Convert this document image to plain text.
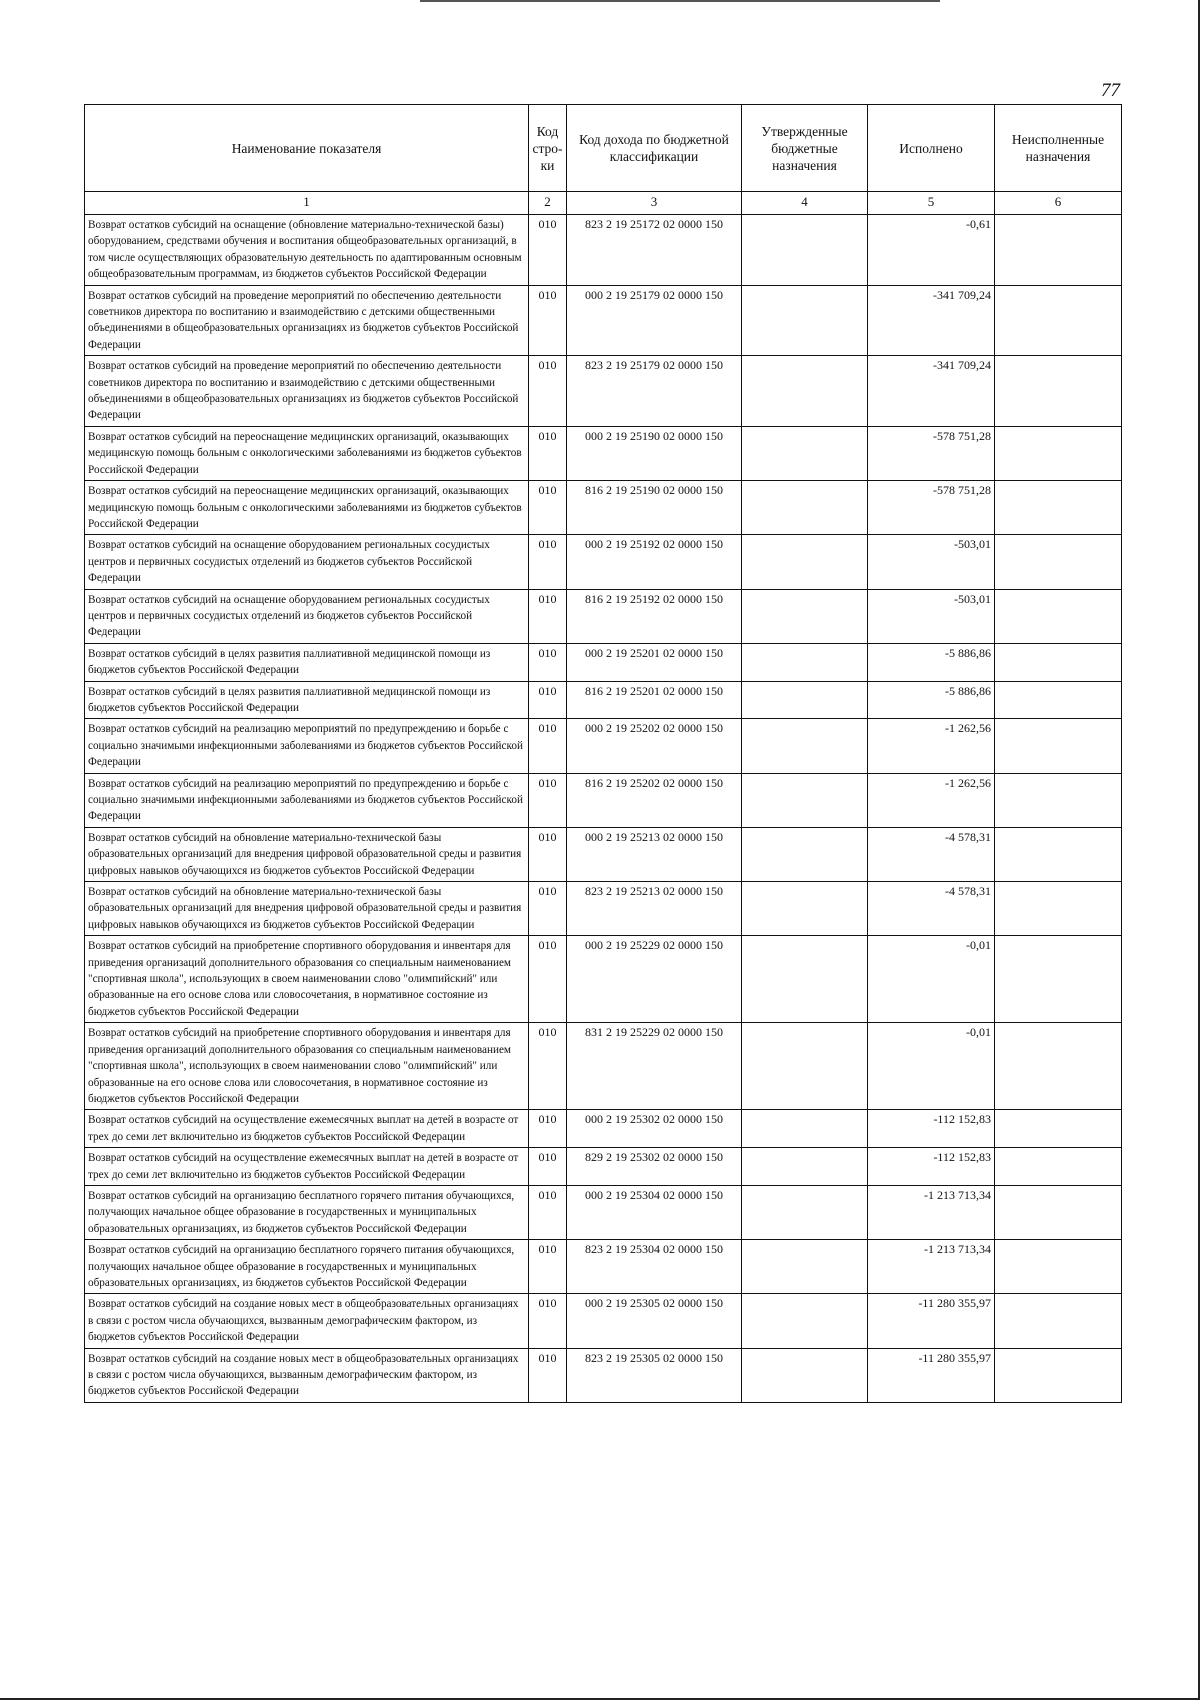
77
Наименование показателя	Код стро-ки	Код дохода по бюджетной классификации	Утвержденные бюджетные назначения	Исполнено	Неисполненные назначения
1	2	3	4	5	6
Возврат остатков субсидий на оснащение (обновление материально-технической базы) оборудованием, средствами обучения и воспитания общеобразовательных организаций, в том числе осуществляющих образовательную деятельность по адаптированным основным общеобразовательным программам, из бюджетов субъектов Российской Федерации	010	823 2 19 25172 02 0000 150		-0,61	
Возврат остатков субсидий на проведение мероприятий по обеспечению деятельности советников директора по воспитанию и взаимодействию с детскими общественными объединениями в общеобразовательных организациях из бюджетов субъектов Российской Федерации	010	000 2 19 25179 02 0000 150		-341 709,24	
Возврат остатков субсидий на проведение мероприятий по обеспечению деятельности советников директора по воспитанию и взаимодействию с детскими общественными объединениями в общеобразовательных организациях из бюджетов субъектов Российской Федерации	010	823 2 19 25179 02 0000 150		-341 709,24	
Возврат остатков субсидий на переоснащение медицинских организаций, оказывающих медицинскую помощь больным с онкологическими заболеваниями из бюджетов субъектов Российской Федерации	010	000 2 19 25190 02 0000 150		-578 751,28	
Возврат остатков субсидий на переоснащение медицинских организаций, оказывающих медицинскую помощь больным с онкологическими заболеваниями из бюджетов субъектов Российской Федерации	010	816 2 19 25190 02 0000 150		-578 751,28	
Возврат остатков субсидий на оснащение оборудованием региональных сосудистых центров и первичных сосудистых отделений из бюджетов субъектов Российской Федерации	010	000 2 19 25192 02 0000 150		-503,01	
Возврат остатков субсидий на оснащение оборудованием региональных сосудистых центров и первичных сосудистых отделений из бюджетов субъектов Российской Федерации	010	816 2 19 25192 02 0000 150		-503,01	
Возврат остатков субсидий в целях развития паллиативной медицинской помощи из бюджетов субъектов Российской Федерации	010	000 2 19 25201 02 0000 150		-5 886,86	
Возврат остатков субсидий в целях развития паллиативной медицинской помощи из бюджетов субъектов Российской Федерации	010	816 2 19 25201 02 0000 150		-5 886,86	
Возврат остатков субсидий на реализацию мероприятий по предупреждению и борьбе с социально значимыми инфекционными заболеваниями из бюджетов субъектов Российской Федерации	010	000 2 19 25202 02 0000 150		-1 262,56	
Возврат остатков субсидий на реализацию мероприятий по предупреждению и борьбе с социально значимыми инфекционными заболеваниями из бюджетов субъектов Российской Федерации	010	816 2 19 25202 02 0000 150		-1 262,56	
Возврат остатков субсидий на обновление материально-технической базы образовательных организаций для внедрения цифровой образовательной среды и развития цифровых навыков обучающихся из бюджетов субъектов Российской Федерации	010	000 2 19 25213 02 0000 150		-4 578,31	
Возврат остатков субсидий на обновление материально-технической базы образовательных организаций для внедрения цифровой образовательной среды и развития цифровых навыков обучающихся из бюджетов субъектов Российской Федерации	010	823 2 19 25213 02 0000 150		-4 578,31	
Возврат остатков субсидий на приобретение спортивного оборудования и инвентаря для приведения организаций дополнительного образования со специальным наименованием "спортивная школа", использующих в своем наименовании слово "олимпийский" или образованные на его основе слова или словосочетания, в нормативное состояние из бюджетов субъектов Российской Федерации	010	000 2 19 25229 02 0000 150		-0,01	
Возврат остатков субсидий на приобретение спортивного оборудования и инвентаря для приведения организаций дополнительного образования со специальным наименованием "спортивная школа", использующих в своем наименовании слово "олимпийский" или образованные на его основе слова или словосочетания, в нормативное состояние из бюджетов субъектов Российской Федерации	010	831 2 19 25229 02 0000 150		-0,01	
Возврат остатков субсидий на осуществление ежемесячных выплат на детей в возрасте от трех до семи лет включительно из бюджетов субъектов Российской Федерации	010	000 2 19 25302 02 0000 150		-112 152,83	
Возврат остатков субсидий на осуществление ежемесячных выплат на детей в возрасте от трех до семи лет включительно из бюджетов субъектов Российской Федерации	010	829 2 19 25302 02 0000 150		-112 152,83	
Возврат остатков субсидий на организацию бесплатного горячего питания обучающихся, получающих начальное общее образование в государственных и муниципальных образовательных организациях, из бюджетов субъектов Российской Федерации	010	000 2 19 25304 02 0000 150		-1 213 713,34	
Возврат остатков субсидий на организацию бесплатного горячего питания обучающихся, получающих начальное общее образование в государственных и муниципальных образовательных организациях, из бюджетов субъектов Российской Федерации	010	823 2 19 25304 02 0000 150		-1 213 713,34	
Возврат остатков субсидий на создание новых мест в общеобразовательных организациях в связи с ростом числа обучающихся, вызванным демографическим фактором, из бюджетов субъектов Российской Федерации	010	000 2 19 25305 02 0000 150		-11 280 355,97	
Возврат остатков субсидий на создание новых мест в общеобразовательных организациях в связи с ростом числа обучающихся, вызванным демографическим фактором, из бюджетов субъектов Российской Федерации	010	823 2 19 25305 02 0000 150		-11 280 355,97	
